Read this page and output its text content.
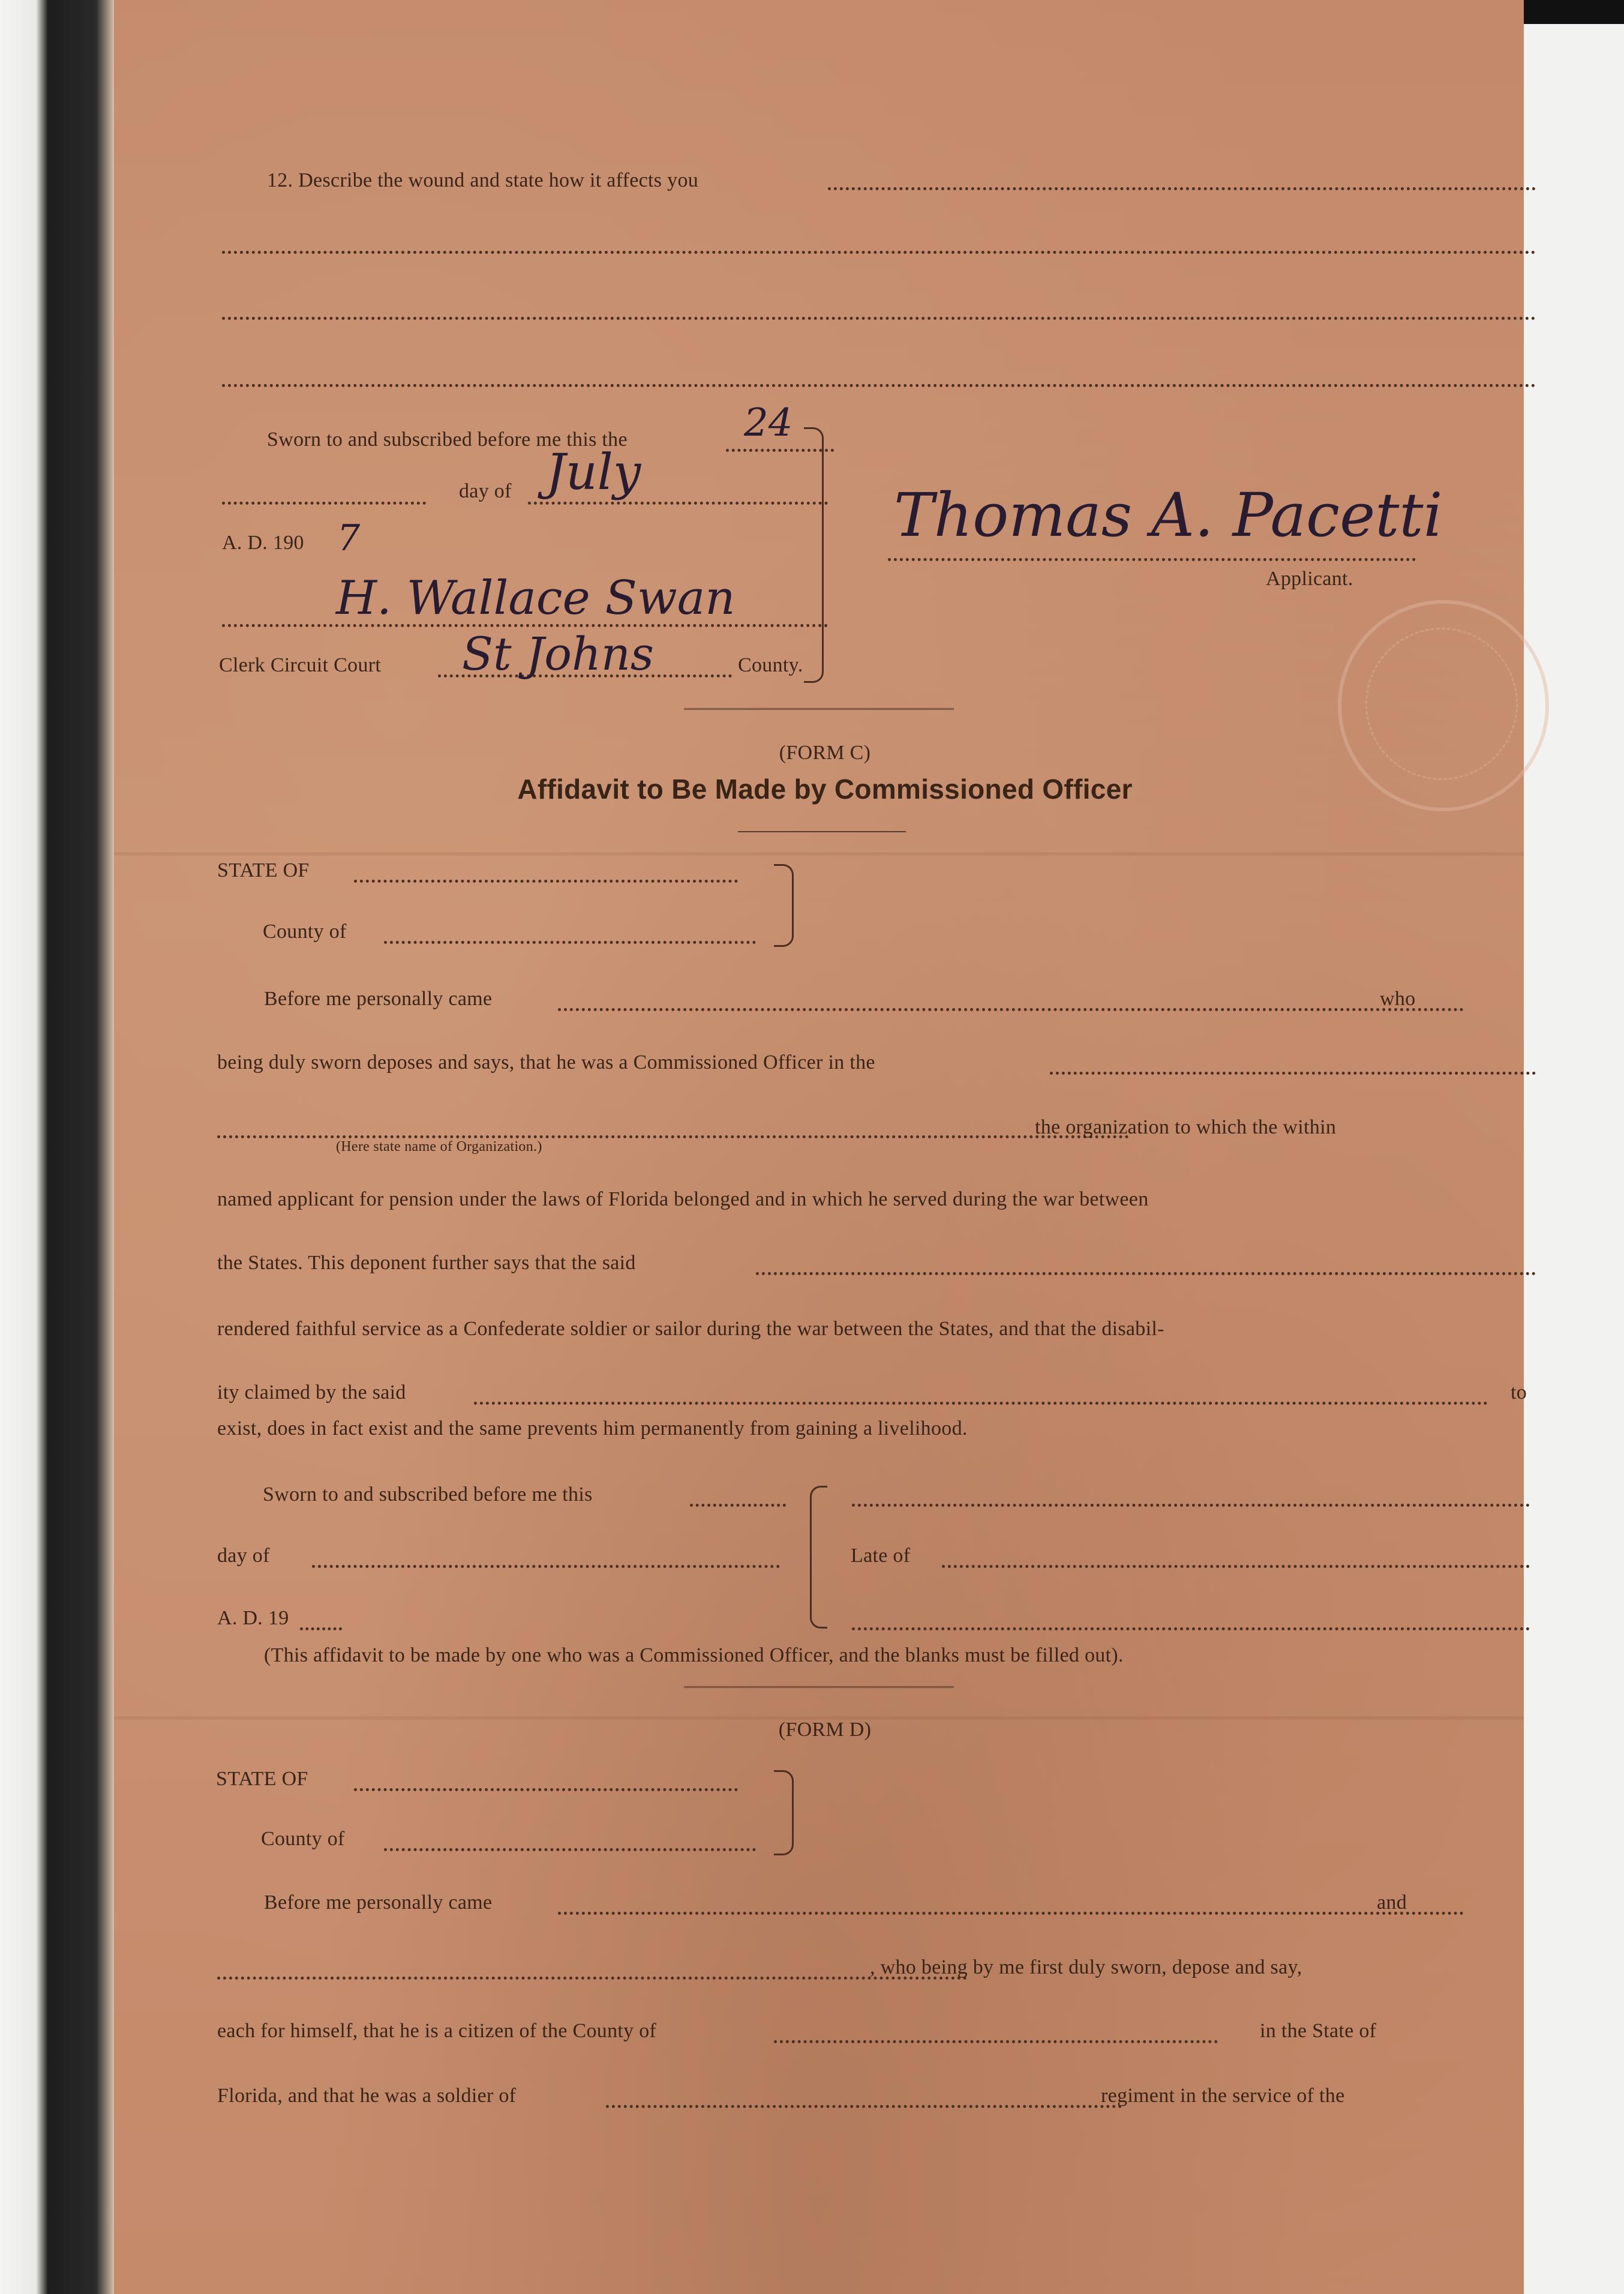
12. Describe the wound and state how it affects you
Sworn to and subscribed before me this the	24
day of July
A. D. 190 7
H. Wallace Swan
Clerk Circuit Court St Johns	County.
Thomas A. Pacetti
Applicant.
(FORM C)
Affidavit to Be Made by Commissioned Officer
STATE OF
County of
Before me personally came	who
being duly sworn deposes and says, that he was a Commissioned Officer in the
the organization to which the within
(Here state name of Organization.)
named applicant for pension under the laws of Florida belonged and in which he served during the war between
the States. This deponent further says that the said
rendered faithful service as a Confederate soldier or sailor during the war between the States, and that the disabil-
ity claimed by the said	to
exist, does in fact exist and the same prevents him permanently from gaining a livelihood.
Sworn to and subscribed before me this
day of
A. D. 19
Late of
(This affidavit to be made by one who was a Commissioned Officer, and the blanks must be filled out).
(FORM D)
STATE OF
County of
Before me personally came	and
, who being by me first duly sworn, depose and say,
each for himself, that he is a citizen of the County of	in the State of
Florida, and that he was a soldier of	regiment in the service of the
